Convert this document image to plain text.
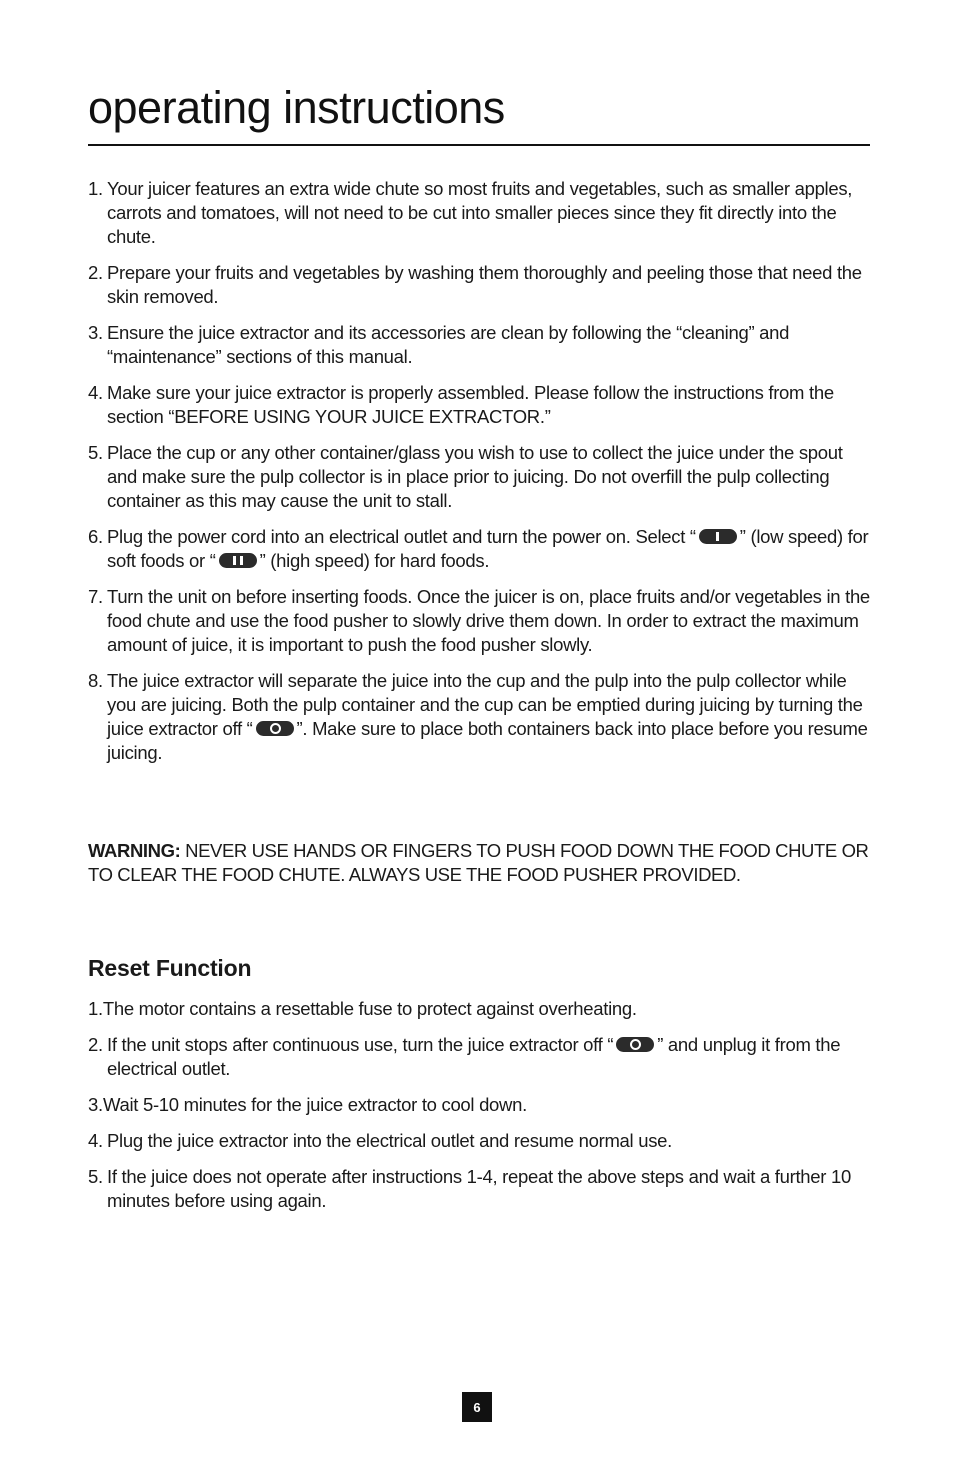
operating instructions
1. Your juicer features an extra wide chute so most fruits and vegetables, such as smaller apples, carrots and tomatoes, will not need to be cut into smaller pieces since they fit directly into the chute.
2. Prepare your fruits and vegetables by washing them thoroughly and peeling those that need the skin removed.
3. Ensure the juice extractor and its accessories are clean by following the “cleaning” and “maintenance” sections of this manual.
4. Make sure your juice extractor is properly assembled. Please follow the instructions from the section “BEFORE USING YOUR JUICE EXTRACTOR.”
5. Place the cup or any other container/glass you wish to use to collect the juice under the spout and make sure the pulp collector is in place prior to juicing. Do not overfill the pulp collecting container as this may cause the unit to stall.
6. Plug the power cord into an electrical outlet and turn the power on. Select “ ” (low speed) for soft foods or “ ” (high speed) for hard foods.
7. Turn the unit on before inserting foods. Once the juicer is on, place fruits and/or vegetables in the food chute and use the food pusher to slowly drive them down. In order to extract the maximum amount of juice, it is important to push the food pusher slowly.
8. The juice extractor will separate the juice into the cup and the pulp into the pulp collector while you are juicing. Both the pulp container and the cup can be emptied during juicing by turning the juice extractor off “ ”. Make sure to place both containers back into place before you resume juicing.

WARNING: NEVER USE HANDS OR FINGERS TO PUSH FOOD DOWN THE FOOD CHUTE OR TO CLEAR THE FOOD CHUTE. ALWAYS USE THE FOOD PUSHER PROVIDED.

Reset Function
1. The motor contains a resettable fuse to protect against overheating.
2. If the unit stops after continuous use, turn the juice extractor off “ ” and unplug it from the electrical outlet.
3. Wait 5-10 minutes for the juice extractor to cool down.
4. Plug the juice extractor into the electrical outlet and resume normal use.
5. If the juice does not operate after instructions 1-4, repeat the above steps and wait a further 10 minutes before using again.
6
